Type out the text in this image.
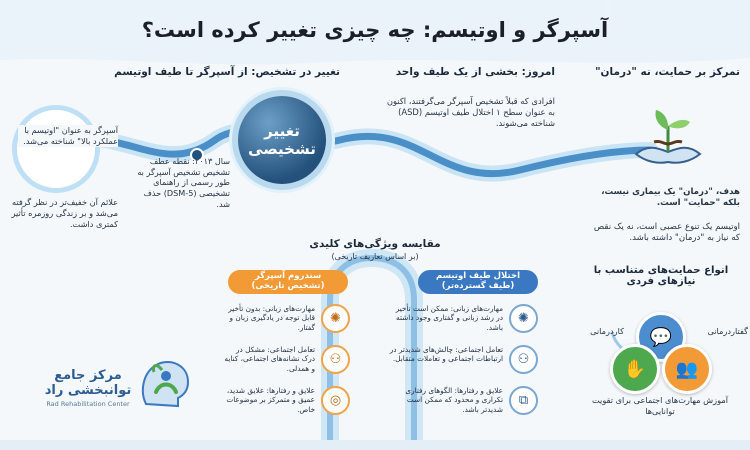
آسپرگر و اوتیسم: چه چیزی تغییر کرده است؟
تمرکز بر حمایت، نه "درمان"
هدف، "درمان" یک بیماری نیست، بلکه "حمایت" است.
اوتیسم یک تنوع عصبی است، نه یک نقص که نیاز به "درمان" داشته باشد.
امروز: بخشی از یک طیف واحد
افرادی که قبلاً تشخیص آسپرگر می‌گرفتند، اکنون به عنوان سطح ۱ اختلال طیف اوتیسم (ASD) شناخته می‌شوند.
تغییر در تشخیص: از آسپرگر تا طیف اوتیسم
آسپرگر به عنوان "اوتیسم با عملکرد بالا" شناخته می‌شد.
علائم آن خفیف‌تر در نظر گرفته می‌شد و بر زندگی روزمره تأثیر کمتری داشت.
تغییر
تشخیصی
سال ۲۰۱۳: نقطه عطف تشخیص تشخیص آسپرگر به طور رسمی از راهنمای تشخیصی (DSM-5) حذف شد.
مقایسه ویژگی‌های کلیدی
(بر اساس تعاریف تاریخی)
اختلال طیف اوتیسم
(طیف گسترده‌تر)
سندروم آسپرگر
(تشخیص تاریخی)
✺
مهارت‌های زبانی: ممکن است تأخیر در رشد زبانی و گفتاری وجود داشته باشد.
⚇
تعامل اجتماعی: چالش‌های شدیدتر در ارتباطات اجتماعی و تعاملات متقابل.
⧉
علایق و رفتارها: الگوهای رفتاری تکراری و محدود که ممکن است شدیدتر باشد.
✺
مهارت‌های زبانی: بدون تأخیر قابل توجه در یادگیری زبان و گفتار.
⚇
تعامل اجتماعی: مشکل در درک نشانه‌های اجتماعی، کنایه و همدلی.
◎
علایق و رفتارها: علایق شدید، عمیق و متمرکز بر موضوعات خاص.
انواع حمایت‌های متناسب با نیازهای فردی
💬
✋	👥
گفتاردرمانی
کاردرمانی
آموزش مهارت‌های اجتماعی برای تقویت توانایی‌ها
مرکز جامع توانبخشی راد
Rad Rehabilitation Center
